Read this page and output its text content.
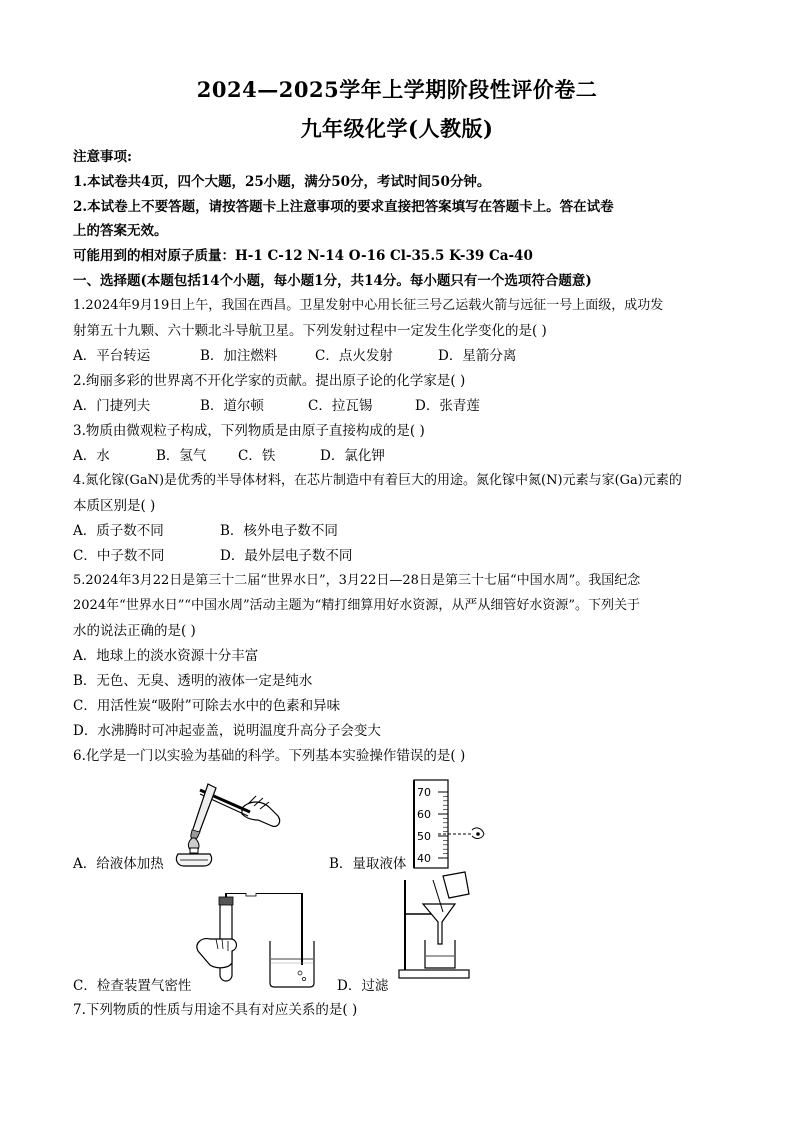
2024—2025学年上学期阶段性评价卷二
九年级化学(人教版)
注意事项:
1.本试卷共4页，四个大题，25小题，满分50分，考试时间50分钟。
2.本试卷上不要答题，请按答题卡上注意事项的要求直接把答案填写在答题卡上。答在试卷
上的答案无效。
可能用到的相对原子质量：H-1 C-12 N-14 O-16 Cl-35.5 K-39 Ca-40
一、选择题(本题包括14个小题，每小题1分，共14分。每小题只有一个选项符合题意)
1.2024年9月19日上午，我国在西昌。卫星发射中心用长征三号乙运载火箭与远征一号上面级，成功发
射第五十九颗、六十颗北斗导航卫星。下列发射过程中一定发生化学变化的是( )
A．平台转运	B．加注燃料	C．点火发射	D．星箭分离
2.绚丽多彩的世界离不开化学家的贡献。提出原子论的化学家是( )
A．门捷列夫	B．道尔顿	C．拉瓦锡	D．张青莲
3.物质由微观粒子构成，下列物质是由原子直接构成的是( )
A．水	B．氢气 C．铁	D．氯化钾
4.氮化镓(GaN)是优秀的半导体材料，在芯片制造中有着巨大的用途。氮化镓中氮(N)元素与家(Ga)元素的
本质区别是( )
A．质子数不同	B．核外电子数不同
C．中子数不同	D．最外层电子数不同
5.2024年3月22日是第三十二届“世界水日”，3月22日—28日是第三十七届“中国水周”。我国纪念
2024年“世界水日”“中国水周”活动主题为“精打细算用好水资源，从严从细管好水资源”。下列关于
水的说法正确的是( )
A．地球上的淡水资源十分丰富
B．无色、无臭、透明的液体一定是纯水
C．用活性炭“吸附”可除去水中的色素和异味
D．水沸腾时可冲起壶盖，说明温度升高分子会变大
6.化学是一门以实验为基础的科学。下列基本实验操作错误的是( )
A．给液体加热
70
60
50
40
B．量取液体
C．检查装置气密性	D．过滤
7.下列物质的性质与用途不具有对应关系的是( )
